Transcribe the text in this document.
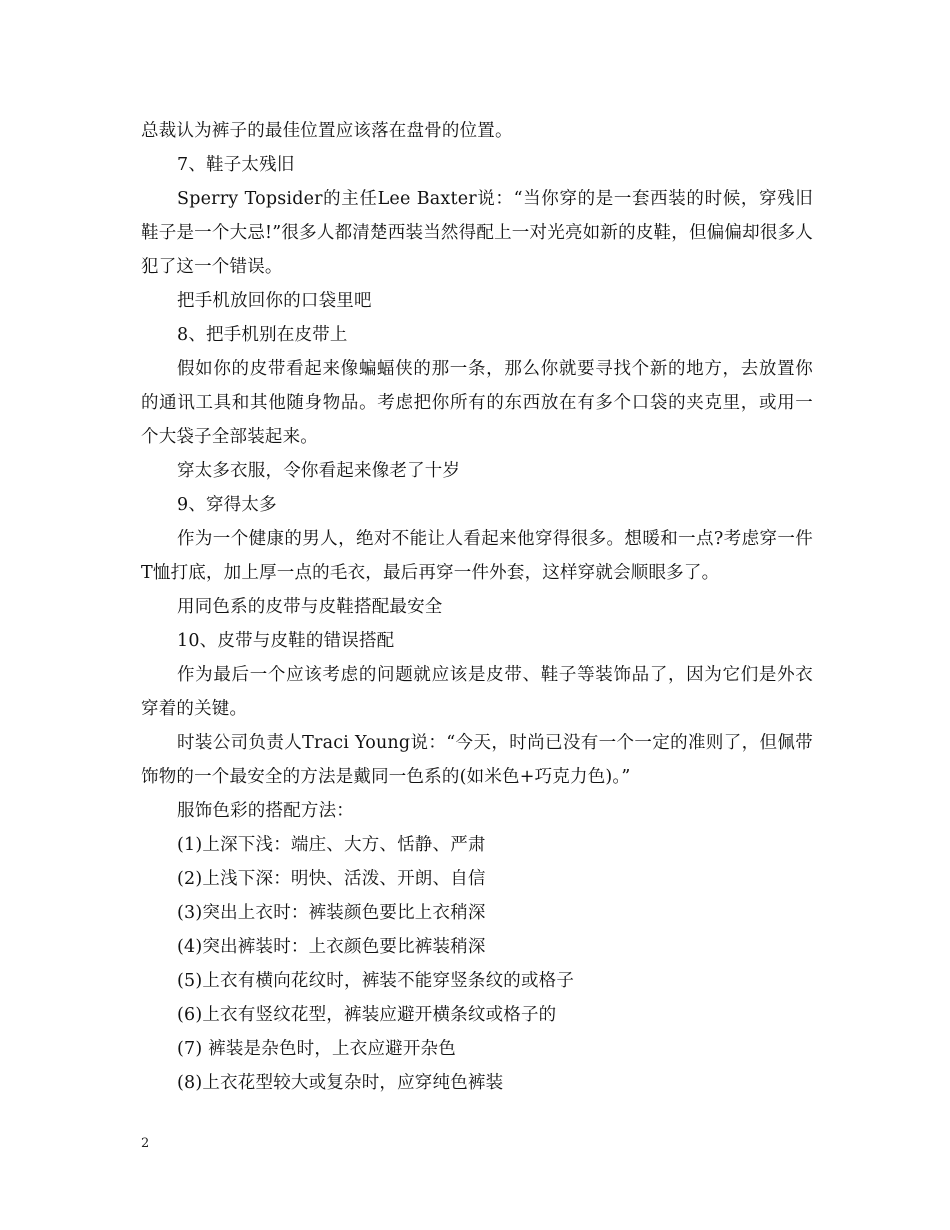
总裁认为裤子的最佳位置应该落在盘骨的位置。

7、鞋子太残旧

Sperry Topsider的主任Lee Baxter说：“当你穿的是一套西装的时候，穿残旧鞋子是一个大忌!”很多人都清楚西装当然得配上一对光亮如新的皮鞋，但偏偏却很多人犯了这一个错误。

把手机放回你的口袋里吧

8、把手机别在皮带上

假如你的皮带看起来像蝙蝠侠的那一条，那么你就要寻找个新的地方，去放置你的通讯工具和其他随身物品。考虑把你所有的东西放在有多个口袋的夹克里，或用一个大袋子全部装起来。

穿太多衣服，令你看起来像老了十岁

9、穿得太多

作为一个健康的男人，绝对不能让人看起来他穿得很多。想暖和一点?考虑穿一件T恤打底，加上厚一点的毛衣，最后再穿一件外套，这样穿就会顺眼多了。

用同色系的皮带与皮鞋搭配最安全

10、皮带与皮鞋的错误搭配

作为最后一个应该考虑的问题就应该是皮带、鞋子等装饰品了，因为它们是外衣穿着的关键。

时装公司负责人Traci Young说：“今天，时尚已没有一个一定的准则了，但佩带饰物的一个最安全的方法是戴同一色系的(如米色+巧克力色)。”

服饰色彩的搭配方法：

(1)上深下浅：端庄、大方、恬静、严肃

(2)上浅下深：明快、活泼、开朗、自信

(3)突出上衣时：裤装颜色要比上衣稍深

(4)突出裤装时：上衣颜色要比裤装稍深

(5)上衣有横向花纹时，裤装不能穿竖条纹的或格子

(6)上衣有竖纹花型，裤装应避开横条纹或格子的

(7) 裤装是杂色时，上衣应避开杂色

(8)上衣花型较大或复杂时，应穿纯色裤装

2
